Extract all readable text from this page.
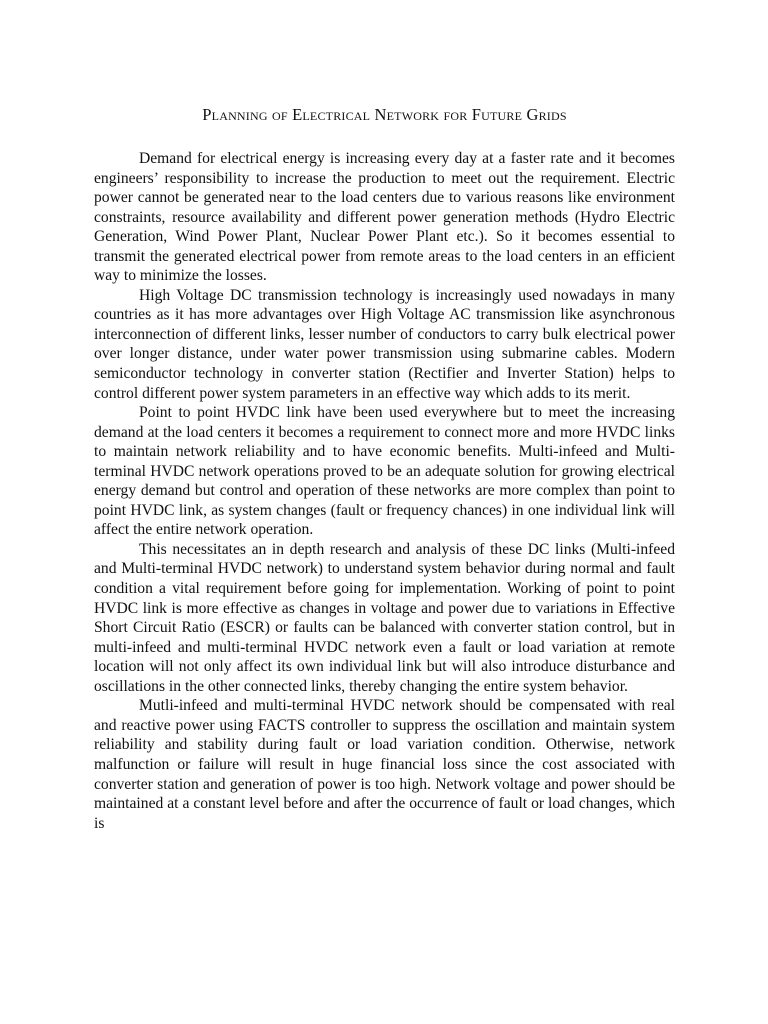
Planning of Electrical Network for Future Grids

Demand for electrical energy is increasing every day at a faster rate and it becomes engineers’ responsibility to increase the production to meet out the requirement. Electric power cannot be generated near to the load centers due to various reasons like environment constraints, resource availability and different power generation methods (Hydro Electric Generation, Wind Power Plant, Nuclear Power Plant etc.). So it becomes essential to transmit the generated electrical power from remote areas to the load centers in an efficient way to minimize the losses.

High Voltage DC transmission technology is increasingly used nowadays in many countries as it has more advantages over High Voltage AC transmission like asynchronous interconnection of different links, lesser number of conductors to carry bulk electrical power over longer distance, under water power transmission using submarine cables. Modern semiconductor technology in converter station (Rectifier and Inverter Station) helps to control different power system parameters in an effective way which adds to its merit.

Point to point HVDC link have been used everywhere but to meet the increasing demand at the load centers it becomes a requirement to connect more and more HVDC links to maintain network reliability and to have economic benefits. Multi-infeed and Multi-terminal HVDC network operations proved to be an adequate solution for growing electrical energy demand but control and operation of these networks are more complex than point to point HVDC link, as system changes (fault or frequency chances) in one individual link will affect the entire network operation.

This necessitates an in depth research and analysis of these DC links (Multi-infeed and Multi-terminal HVDC network) to understand system behavior during normal and fault condition a vital requirement before going for implementation. Working of point to point HVDC link is more effective as changes in voltage and power due to variations in Effective Short Circuit Ratio (ESCR) or faults can be balanced with converter station control, but in multi-infeed and multi-terminal HVDC network even a fault or load variation at remote location will not only affect its own individual link but will also introduce disturbance and oscillations in the other connected links, thereby changing the entire system behavior.

Mutli-infeed and multi-terminal HVDC network should be compensated with real and reactive power using FACTS controller to suppress the oscillation and maintain system reliability and stability during fault or load variation condition. Otherwise, network malfunction or failure will result in huge financial loss since the cost associated with converter station and generation of power is too high. Network voltage and power should be maintained at a constant level before and after the occurrence of fault or load changes, which is
